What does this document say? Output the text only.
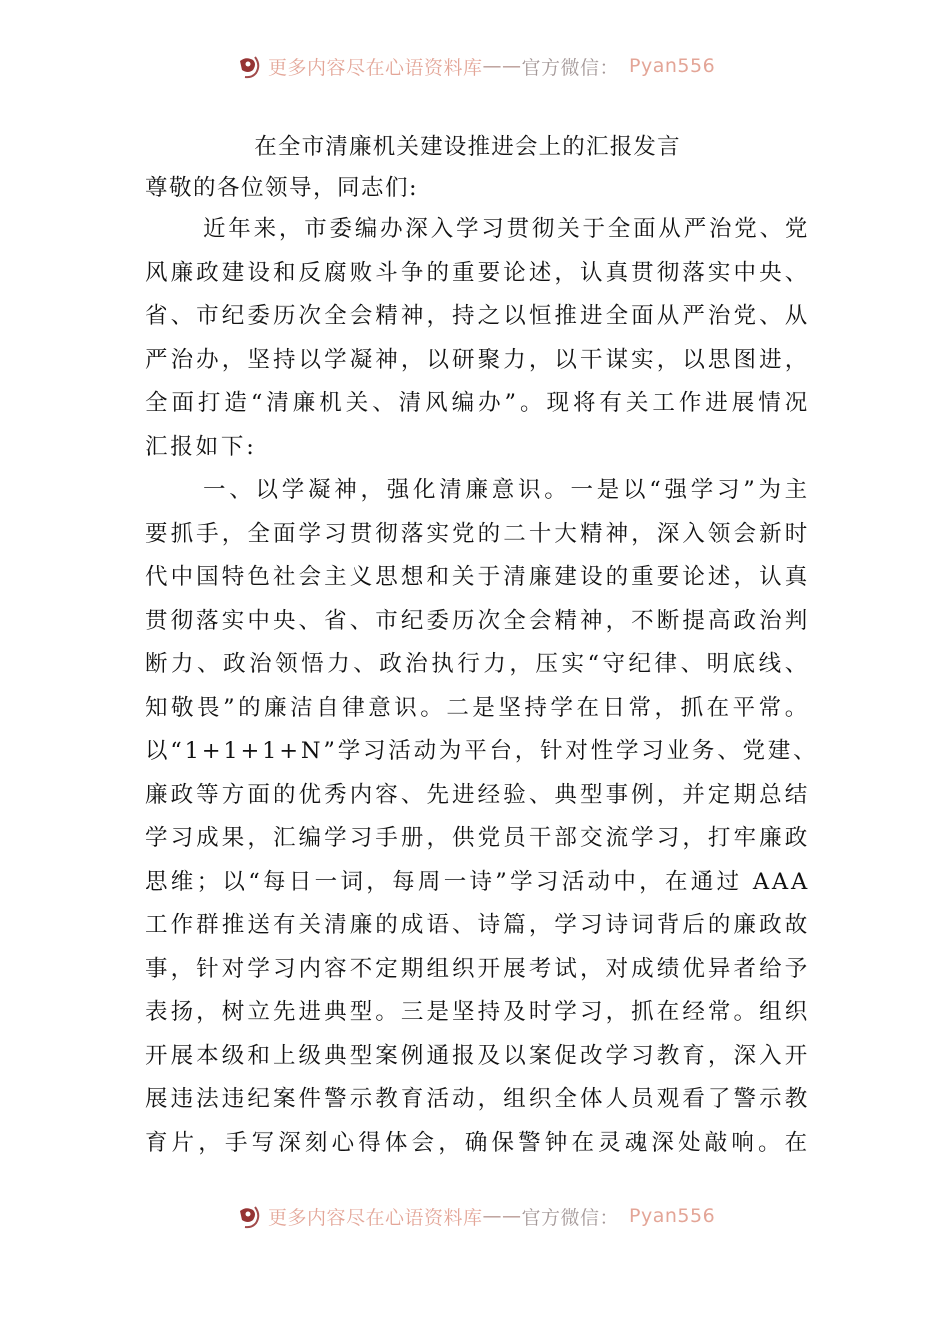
更多内容尽在心语资料库 —— 官方微信： Pyan556
在全市清廉机关建设推进会上的汇报发言
尊敬的各位领导，同志们:
近年来，市委编办深入学习贯彻关于全面从严治党、党
风廉政建设和反腐败斗争的重要论述，认真贯彻落实中央、
省、市纪委历次全会精神，持之以恒推进全面从严治党、从
严治办，坚持以学凝神，以研聚力，以干谋实，以思图进，
全面打造“清廉机关、清风编办”。现将有关工作进展情况
汇报如下:
一、以学凝神，强化清廉意识。一是以“强学习”为主
要抓手，全面学习贯彻落实党的二十大精神，深入领会新时
代中国特色社会主义思想和关于清廉建设的重要论述，认真
贯彻落实中央、省、市纪委历次全会精神，不断提高政治判
断力、政治领悟力、政治执行力，压实“守纪律、明底线、
知敬畏”的廉洁自律意识。二是坚持学在日常，抓在平常。
以“1+1+1+N”学习活动为平台，针对性学习业务、党建、
廉政等方面的优秀内容、先进经验、典型事例，并定期总结
学习成果，汇编学习手册，供党员干部交流学习，打牢廉政
思维；以“每日一词，每周一诗”学习活动中，在通过 AAA
工作群推送有关清廉的成语、诗篇，学习诗词背后的廉政故
事，针对学习内容不定期组织开展考试，对成绩优异者给予
表扬，树立先进典型。三是坚持及时学习，抓在经常。组织
开展本级和上级典型案例通报及以案促改学习教育，深入开
展违法违纪案件警示教育活动，组织全体人员观看了警示教
育片，手写深刻心得体会，确保警钟在灵魂深处敲响。在
更多内容尽在心语资料库 —— 官方微信： Pyan556
